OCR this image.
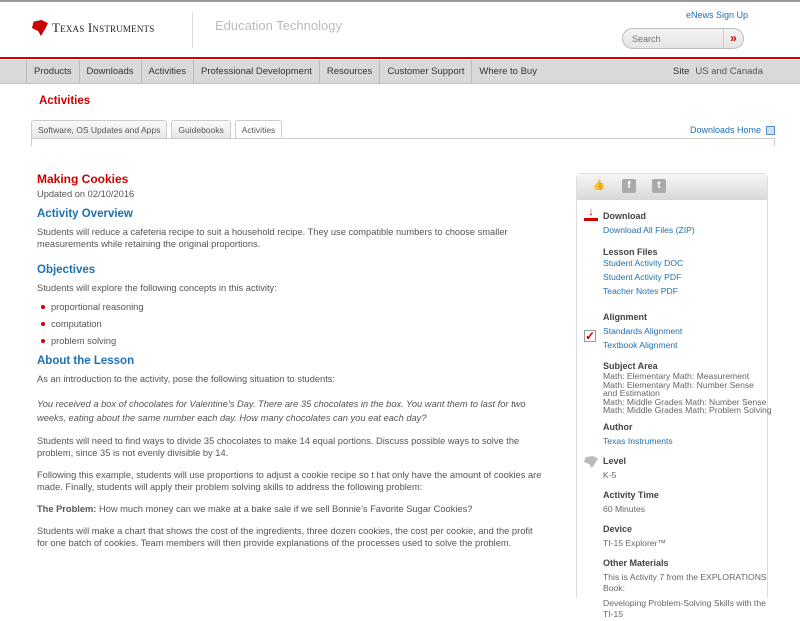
Texas Instruments	Education Technology
eNews Sign Up
Search
»
Products	Downloads	Activities	Professional Development	Resources	Customer Support	Where to Buy	Site US and Canada
Activities
Software, OS Updates and Apps	Guidebooks	Activities	Downloads Home
Making Cookies
Updated on 02/10/2016
Activity Overview

Students will reduce a cafeteria recipe to suit a household recipe. They use compatible numbers to choose smaller measurements while retaining the original proportions.

Objectives

Students will explore the following concepts in this activity:

proportional reasoning
computation
problem solving
About the Lesson

As an introduction to the activity, pose the following situation to students:

You received a box of chocolates for Valentine’s Day. There are 35 chocolates in the box. You want them to last for two weeks, eating about the same number each day. How many chocolates can you eat each day?

Students will need to find ways to divide 35 chocolates to make 14 equal portions. Discuss possible ways to solve the problem, since 35 is not evenly divisible by 14.

Following this example, students will use proportions to adjust a cookie recipe so t hat only have the amount of cookies are made. Finally, students will apply their problem solving skills to address the following problem:

The Problem: How much money can we make at a bake sale if we sell Bonnie’s Favorite Sugar Cookies?

Students will make a chart that shows the cost of the ingredients, three dozen cookies, the cost per cookie, and the profit for one batch of cookies. Team members will then provide explanations of the processes used to solve the problem.

👍	f	t
↓	Download
Download All Files (ZIP)
Lesson Files
Student Activity DOC
Student Activity PDF
Teacher Notes PDF
✓
Alignment
Standards Alignment
Textbook Alignment
Subject Area
Math: Elementary Math: Measurement
Math: Elementary Math: Number Sense and Estimation
Math: Middle Grades Math: Number Sense
Math: Middle Grades Math: Problem Solving
Author
Texas Instruments
Level
K-5
Activity Time
60 Minutes
Device
TI-15 Explorer™
Other Materials
This is Activity 7 from the EXPLORATIONS Book:
Developing Problem-Solving Skills with the TI-15
